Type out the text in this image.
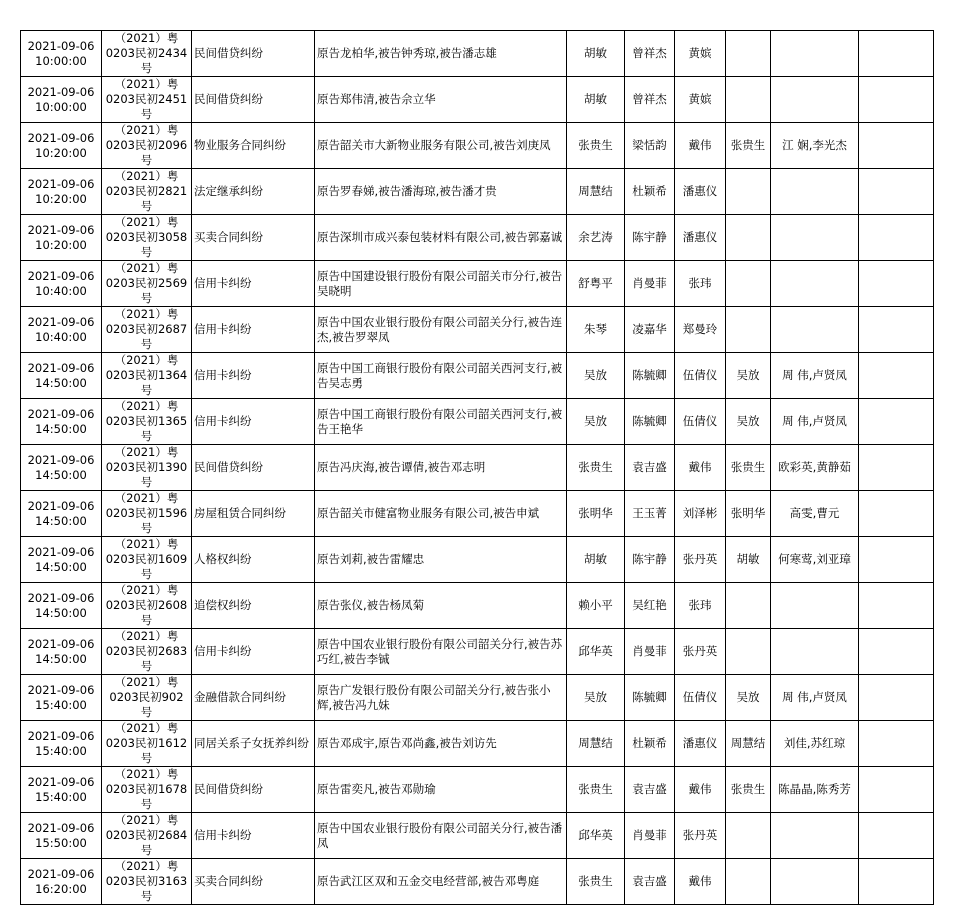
2021-09-06 10:00:00	（2021）粤0203民初2434号	民间借贷纠纷	原告龙柏华,被告钟秀琼,被告潘志雄	胡敏	曾祥杰	黄嫔			
2021-09-06 10:00:00	（2021）粤0203民初2451号	民间借贷纠纷	原告郑伟清,被告佘立华	胡敏	曾祥杰	黄嫔			
2021-09-06 10:20:00	（2021）粤0203民初2096号	物业服务合同纠纷	原告韶关市大新物业服务有限公司,被告刘庚凤	张贵生	梁恬韵	戴伟	张贵生	江 娴,李光杰	
2021-09-06 10:20:00	（2021）粤0203民初2821号	法定继承纠纷	原告罗春娣,被告潘海琼,被告潘才贵	周慧结	杜颖希	潘惠仪			
2021-09-06 10:20:00	（2021）粤0203民初3058号	买卖合同纠纷	原告深圳市成兴泰包装材料有限公司,被告郭嘉诚	余艺涛	陈宇静	潘惠仪			
2021-09-06 10:40:00	（2021）粤0203民初2569号	信用卡纠纷	原告中国建设银行股份有限公司韶关市分行,被告吴晓明	舒粤平	肖曼菲	张玮			
2021-09-06 10:40:00	（2021）粤0203民初2687号	信用卡纠纷	原告中国农业银行股份有限公司韶关分行,被告连杰,被告罗翠凤	朱琴	凌嘉华	郑曼玲			
2021-09-06 14:50:00	（2021）粤0203民初1364号	信用卡纠纷	原告中国工商银行股份有限公司韶关西河支行,被告吴志勇	吴放	陈毓卿	伍倩仪	吴放	周 伟,卢贤凤	
2021-09-06 14:50:00	（2021）粤0203民初1365号	信用卡纠纷	原告中国工商银行股份有限公司韶关西河支行,被告王艳华	吴放	陈毓卿	伍倩仪	吴放	周 伟,卢贤凤	
2021-09-06 14:50:00	（2021）粤0203民初1390号	民间借贷纠纷	原告冯庆海,被告谭倩,被告邓志明	张贵生	袁吉盛	戴伟	张贵生	欧彩英,黄静茹	
2021-09-06 14:50:00	（2021）粤0203民初1596号	房屋租赁合同纠纷	原告韶关市健富物业服务有限公司,被告申斌	张明华	王玉菁	刘泽彬	张明华	高雯,曹元	
2021-09-06 14:50:00	（2021）粤0203民初1609号	人格权纠纷	原告刘莉,被告雷耀忠	胡敏	陈宇静	张丹英	胡敏	何寒莺,刘亚璋	
2021-09-06 14:50:00	（2021）粤0203民初2608号	追偿权纠纷	原告张仪,被告杨凤菊	赖小平	吴红艳	张玮			
2021-09-06 14:50:00	（2021）粤0203民初2683号	信用卡纠纷	原告中国农业银行股份有限公司韶关分行,被告苏巧红,被告李铖	邱华英	肖曼菲	张丹英			
2021-09-06 15:40:00	（2021）粤0203民初902号	金融借款合同纠纷	原告广发银行股份有限公司韶关分行,被告张小辉,被告冯九妹	吴放	陈毓卿	伍倩仪	吴放	周 伟,卢贤凤	
2021-09-06 15:40:00	（2021）粤0203民初1612号	同居关系子女抚养纠纷	原告邓成宇,原告邓尚鑫,被告刘访先	周慧结	杜颖希	潘惠仪	周慧结	刘佳,苏红琼	
2021-09-06 15:40:00	（2021）粤0203民初1678号	民间借贷纠纷	原告雷奕凡,被告邓勋瑜	张贵生	袁吉盛	戴伟	张贵生	陈晶晶,陈秀芳	
2021-09-06 15:50:00	（2021）粤0203民初2684号	信用卡纠纷	原告中国农业银行股份有限公司韶关分行,被告潘凤	邱华英	肖曼菲	张丹英			
2021-09-06 16:20:00	（2021）粤0203民初3163号	买卖合同纠纷	原告武江区双和五金交电经营部,被告邓粤庭	张贵生	袁吉盛	戴伟			
